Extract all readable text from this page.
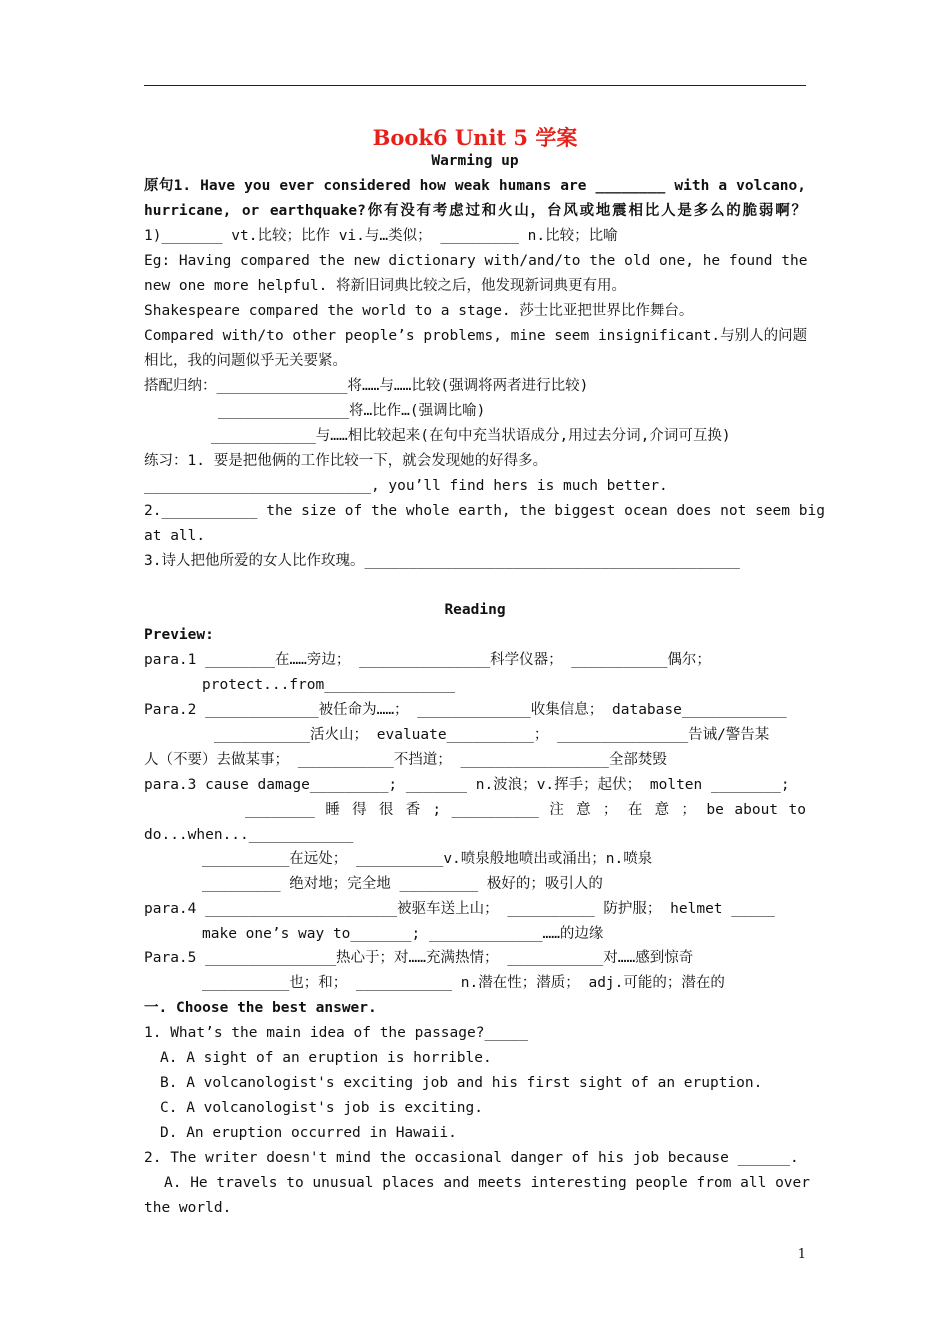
Book6 Unit 5 学案
Warming up
原句1. Have you ever considered how weak humans are ________ with a volcano,
hurricane, or earthquake?你有没有考虑过和火山，台风或地震相比人是多么的脆弱啊？
1)_______ vt.比较；比作 vi.与…类似； _________ n.比较；比喻
Eg: Having compared the new dictionary with/and/to the old one, he found the
new one more helpful. 将新旧词典比较之后，他发现新词典更有用。
Shakespeare compared the world to a stage. 莎士比亚把世界比作舞台。
Compared with/to other people’s problems, mine seem insignificant.与别人的问题
相比，我的问题似乎无关要紧。
搭配归纳：_______________将……与……比较(强调将两者进行比较)
_______________将…比作…(强调比喻)
____________与……相比较起来(在句中充当状语成分,用过去分词,介词可互换)
练习：1. 要是把他俩的工作比较一下，就会发现她的好得多。
__________________________, you’ll find hers is much better.
2.___________ the size of the whole earth, the biggest ocean does not seem big
at all.
3.诗人把他所爱的女人比作玫瑰。___________________________________________
Reading
Preview:
para.1 ________在……旁边； _______________科学仪器； ___________偶尔；
protect...from_______________
Para.2 _____________被任命为……； _____________收集信息； database____________
___________活火山； evaluate__________； _______________告诫/警告某
人（不要）去做某事； ___________不挡道； _________________全部焚毁
para.3 cause damage_________; _______ n.波浪；v.挥手；起伏； molten ________;
________ 睡 得 很 香 ; __________ 注 意 ； 在 意 ； be about to
do...when...____________
__________在远处； __________v.喷泉般地喷出或涌出；n.喷泉
_________ 绝对地；完全地 _________ 极好的；吸引人的
para.4 ______________________被驱车送上山； __________ 防护服； helmet _____
make one’s way to_______; _____________……的边缘
Para.5 _______________热心于；对……充满热情； ___________对……感到惊奇
__________也；和； ___________ n.潜在性；潜质； adj.可能的；潜在的
一. Choose the best answer.
1. What’s the main idea of the passage?_____
A. A sight of an eruption is horrible.
B. A volcanologist's exciting job and his first sight of an eruption.
C. A volcanologist's job is exciting.
D. An eruption occurred in Hawaii.
2. The writer doesn't mind the occasional danger of his job because ______.
A. He travels to unusual places and meets interesting people from all over
the world.
1
